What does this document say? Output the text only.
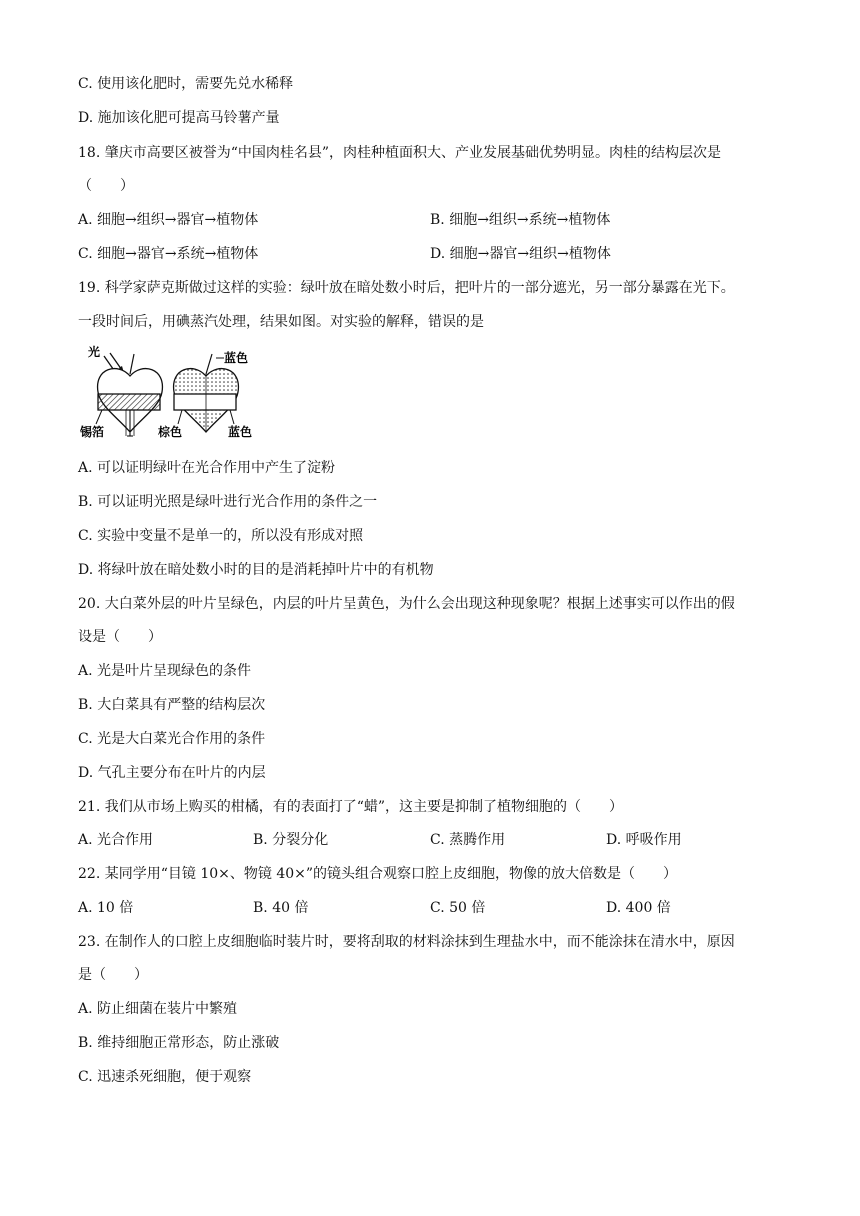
C. 使用该化肥时，需要先兑水稀释
D. 施加该化肥可提高马铃薯产量
18. 肇庆市高要区被誉为“中国肉桂名县”，肉桂种植面积大、产业发展基础优势明显。肉桂的结构层次是
（　　）
A. 细胞→组织→器官→植物体	B. 细胞→组织→系统→植物体
C. 细胞→器官→系统→植物体	D. 细胞→器官→组织→植物体
19. 科学家萨克斯做过这样的实验：绿叶放在暗处数小时后，把叶片的一部分遮光，另一部分暴露在光下。
一段时间后，用碘蒸汽处理，结果如图。对实验的解释，错误的是
光
锡箔
蓝色
棕色	蓝色
A. 可以证明绿叶在光合作用中产生了淀粉
B. 可以证明光照是绿叶进行光合作用的条件之一
C. 实验中变量不是单一的，所以没有形成对照
D. 将绿叶放在暗处数小时的目的是消耗掉叶片中的有机物
20. 大白菜外层的叶片呈绿色，内层的叶片呈黄色，为什么会出现这种现象呢？根据上述事实可以作出的假
设是（　　）
A. 光是叶片呈现绿色的条件
B. 大白菜具有严整的结构层次
C. 光是大白菜光合作用的条件
D. 气孔主要分布在叶片的内层
21. 我们从市场上购买的柑橘，有的表面打了“蜡”，这主要是抑制了植物细胞的（　　）
A. 光合作用	B. 分裂分化	C. 蒸腾作用	D. 呼吸作用
22. 某同学用“目镜 10×、物镜 40×”的镜头组合观察口腔上皮细胞，物像的放大倍数是（　　）
A. 10 倍	B. 40 倍	C. 50 倍	D. 400 倍
23. 在制作人的口腔上皮细胞临时装片时，要将刮取的材料涂抹到生理盐水中，而不能涂抹在清水中，原因
是（　　）
A. 防止细菌在装片中繁殖
B. 维持细胞正常形态，防止涨破
C. 迅速杀死细胞，便于观察
